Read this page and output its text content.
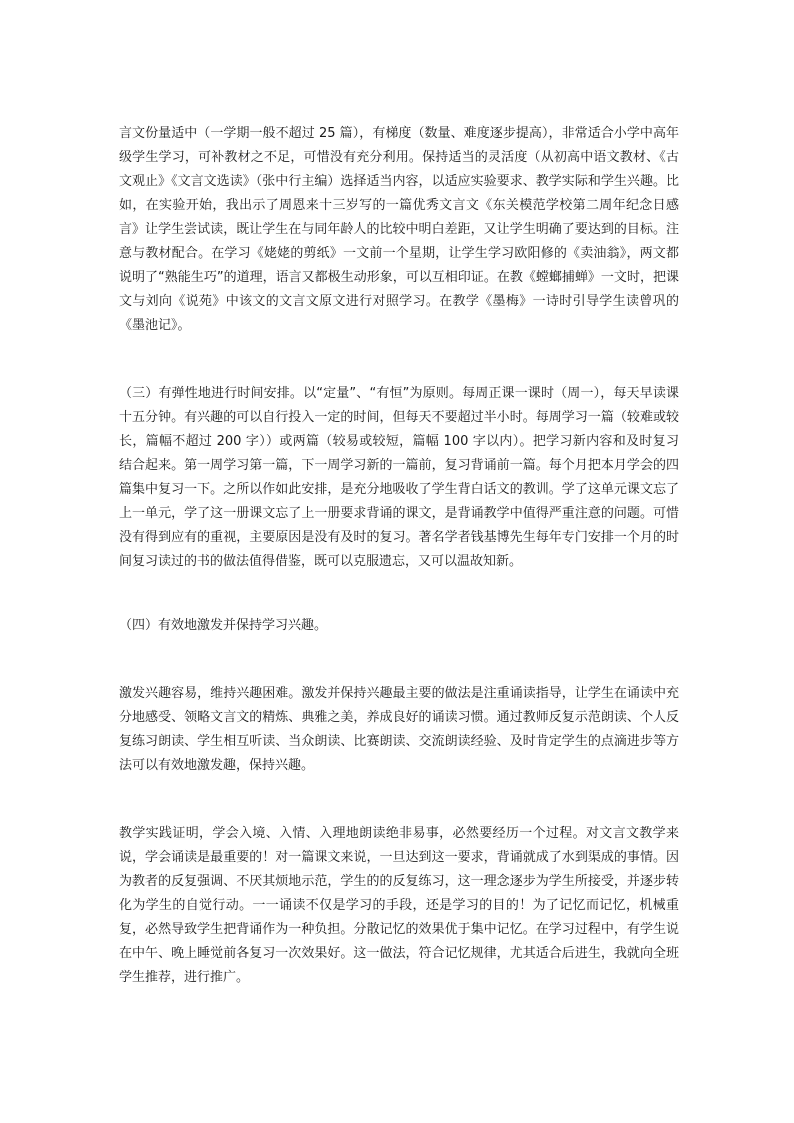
言文份量适中（一学期一般不超过 25 篇），有梯度（数量、难度逐步提高），非常适合小学中高年级学生学习，可补教材之不足，可惜没有充分利用。保持适当的灵活度（从初高中语文教材、《古文观止》《文言文选读》（张中行主编）选择适当内容，以适应实验要求、教学实际和学生兴趣。比如，在实验开始，我出示了周恩来十三岁写的一篇优秀文言文《东关模范学校第二周年纪念日感言》让学生尝试读，既让学生在与同年龄人的比较中明白差距，又让学生明确了要达到的目标。注意与教材配合。在学习《姥姥的剪纸》一文前一个星期，让学生学习欧阳修的《卖油翁》，两文都说明了“熟能生巧”的道理，语言又都极生动形象，可以互相印证。在教《螳螂捕蝉》一文时，把课文与刘向《说苑》中该文的文言文原文进行对照学习。在教学《墨梅》一诗时引导学生读曾巩的《墨池记》。

（三）有弹性地进行时间安排。以“定量”、“有恒”为原则。每周正课一课时（周一），每天早读课十五分钟。有兴趣的可以自行投入一定的时间，但每天不要超过半小时。每周学习一篇（较难或较长，篇幅不超过 200 字））或两篇（较易或较短，篇幅 100 字以内）。把学习新内容和及时复习结合起来。第一周学习第一篇，下一周学习新的一篇前，复习背诵前一篇。每个月把本月学会的四篇集中复习一下。之所以作如此安排，是充分地吸收了学生背白话文的教训。学了这单元课文忘了上一单元，学了这一册课文忘了上一册要求背诵的课文，是背诵教学中值得严重注意的问题。可惜没有得到应有的重视，主要原因是没有及时的复习。著名学者钱基博先生每年专门安排一个月的时间复习读过的书的做法值得借鉴，既可以克服遗忘，又可以温故知新。

（四）有效地激发并保持学习兴趣。

激发兴趣容易，维持兴趣困难。激发并保持兴趣最主要的做法是注重诵读指导，让学生在诵读中充分地感受、领略文言文的精炼、典雅之美，养成良好的诵读习惯。通过教师反复示范朗读、个人反复练习朗读、学生相互听读、当众朗读、比赛朗读、交流朗读经验、及时肯定学生的点滴进步等方法可以有效地激发趣，保持兴趣。

教学实践证明，学会入境、入情、入理地朗读绝非易事，必然要经历一个过程。对文言文教学来说，学会诵读是最重要的！对一篇课文来说，一旦达到这一要求，背诵就成了水到渠成的事情。因为教者的反复强调、不厌其烦地示范，学生的的反复练习，这一理念逐步为学生所接受，并逐步转化为学生的自觉行动。一一诵读不仅是学习的手段，还是学习的目的！为了记忆而记忆，机械重复，必然导致学生把背诵作为一种负担。分散记忆的效果优于集中记忆。在学习过程中，有学生说在中午、晚上睡觉前各复习一次效果好。这一做法，符合记忆规律，尤其适合后进生，我就向全班学生推荐，进行推广。
